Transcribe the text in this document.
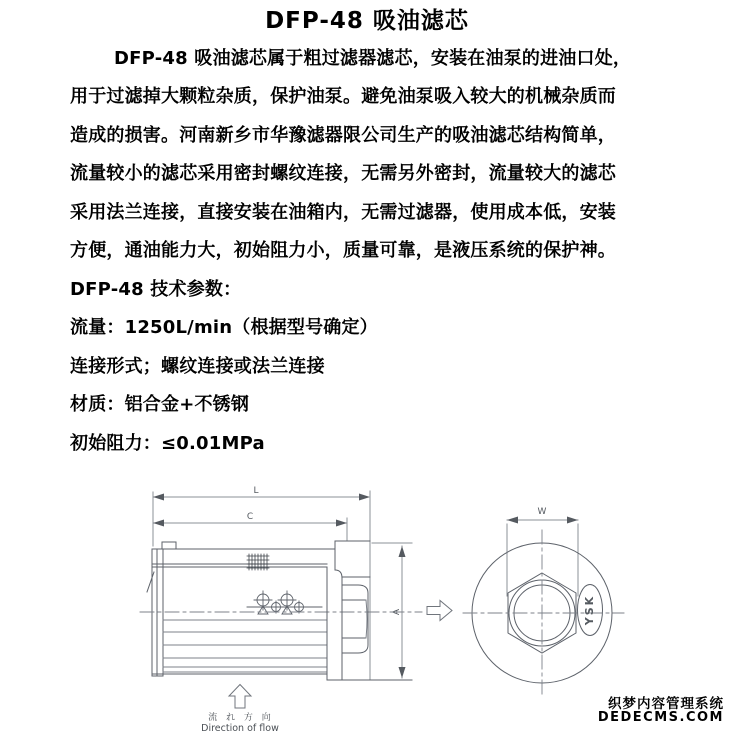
DFP-48 吸油滤芯
DFP-48 吸油滤芯属于粗过滤器滤芯，安装在油泵的进油口处，
用于过滤掉大颗粒杂质，保护油泵。避免油泵吸入较大的机械杂质而
造成的损害。河南新乡市华豫滤器限公司生产的吸油滤芯结构简单，
流量较小的滤芯采用密封螺纹连接，无需另外密封，流量较大的滤芯
采用法兰连接，直接安装在油箱内，无需过滤器，使用成本低，安装
方便，通油能力大，初始阻力小，质量可靠，是液压系统的保护神。
DFP-48 技术参数：
流量：1250L/min（根据型号确定）
连接形式；螺纹连接或法兰连接
材质：铝合金+不锈钢
初始阻力：≤0.01MPa
L
C
A
W
YSK
流 れ 方 向
Direction of flow
织梦内容管理系统
DEDECMS.COM
